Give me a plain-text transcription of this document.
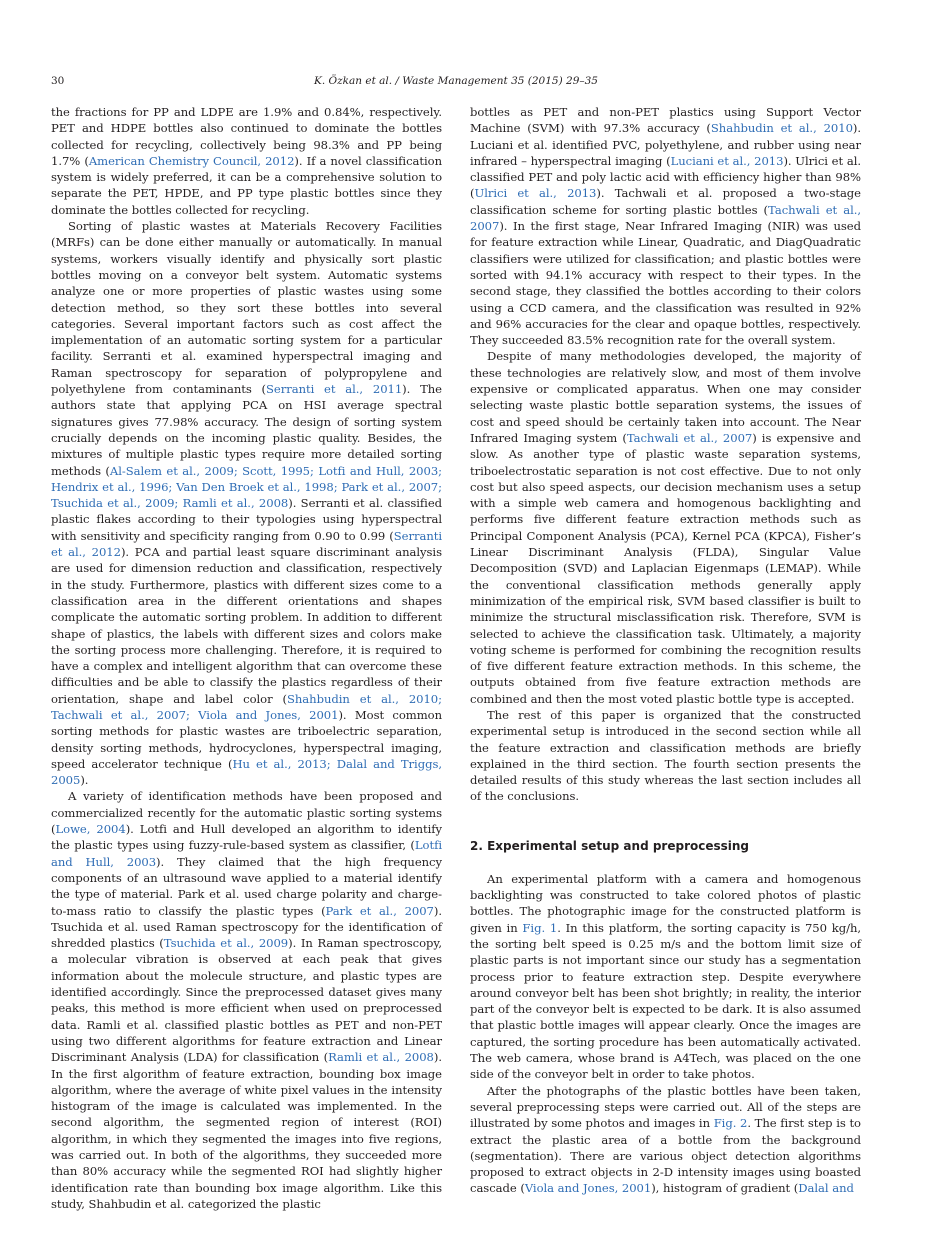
30	K. Özkan et al. / Waste Management 35 (2015) 29–35

the fractions for PP and LDPE are 1.9% and 0.84%, respectively. PET and HDPE bottles also continued to dominate the bottles collected for recycling, collectively being 98.3% and PP being 1.7% (American Chemistry Council, 2012). If a novel classification system is widely preferred, it can be a comprehensive solution to separate the PET, HPDE, and PP type plastic bottles since they dominate the bottles collected for recycling.

Sorting of plastic wastes at Materials Recovery Facilities (MRFs) can be done either manually or automatically. In manual systems, workers visually identify and physically sort plastic bottles moving on a conveyor belt system. Automatic systems analyze one or more properties of plastic wastes using some detection method, so they sort these bottles into several categories. Several important factors such as cost affect the implementation of an automatic sorting system for a particular facility. Serranti et al. examined hyperspectral imaging and Raman spectroscopy for separation of polypropylene and polyethylene from contaminants (Serranti et al., 2011). The authors state that applying PCA on HSI average spectral signatures gives 77.98% accuracy. The design of sorting system crucially depends on the incoming plastic quality. Besides, the mixtures of multiple plastic types require more detailed sorting methods (Al-Salem et al., 2009; Scott, 1995; Lotfi and Hull, 2003; Hendrix et al., 1996; Van Den Broek et al., 1998; Park et al., 2007; Tsuchida et al., 2009; Ramli et al., 2008). Serranti et al. classified plastic flakes according to their typologies using hyperspectral with sensitivity and specificity ranging from 0.90 to 0.99 (Serranti et al., 2012). PCA and partial least square discriminant analysis are used for dimension reduction and classification, respectively in the study. Furthermore, plastics with different sizes come to a classification area in the different orientations and shapes complicate the automatic sorting problem. In addition to different shape of plastics, the labels with different sizes and colors make the sorting process more challenging. Therefore, it is required to have a complex and intelligent algorithm that can overcome these difficulties and be able to classify the plastics regardless of their orientation, shape and label color (Shahbudin et al., 2010; Tachwali et al., 2007; Viola and Jones, 2001). Most common sorting methods for plastic wastes are triboelectric separation, density sorting methods, hydrocyclones, hyperspectral imaging, speed accelerator technique (Hu et al., 2013; Dalal and Triggs, 2005).

A variety of identification methods have been proposed and commercialized recently for the automatic plastic sorting systems (Lowe, 2004). Lotfi and Hull developed an algorithm to identify the plastic types using fuzzy-rule-based system as classifier, (Lotfi and Hull, 2003). They claimed that the high frequency components of an ultrasound wave applied to a material identify the type of material. Park et al. used charge polarity and charge-to-mass ratio to classify the plastic types (Park et al., 2007). Tsuchida et al. used Raman spectroscopy for the identification of shredded plastics (Tsuchida et al., 2009). In Raman spectroscopy, a molecular vibration is observed at each peak that gives information about the molecule structure, and plastic types are identified accordingly. Since the preprocessed dataset gives many peaks, this method is more efficient when used on preprocessed data. Ramli et al. classified plastic bottles as PET and non-PET using two different algorithms for feature extraction and Linear Discriminant Analysis (LDA) for classification (Ramli et al., 2008). In the first algorithm of feature extraction, bounding box image algorithm, where the average of white pixel values in the intensity histogram of the image is calculated was implemented. In the second algorithm, the segmented region of interest (ROI) algorithm, in which they segmented the images into five regions, was carried out. In both of the algorithms, they succeeded more than 80% accuracy while the segmented ROI had slightly higher identification rate than bounding box image algorithm. Like this study, Shahbudin et al. categorized the plastic

bottles as PET and non-PET plastics using Support Vector Machine (SVM) with 97.3% accuracy (Shahbudin et al., 2010). Luciani et al. identified PVC, polyethylene, and rubber using near infrared – hyperspectral imaging (Luciani et al., 2013). Ulrici et al. classified PET and poly lactic acid with efficiency higher than 98% (Ulrici et al., 2013). Tachwali et al. proposed a two-stage classification scheme for sorting plastic bottles (Tachwali et al., 2007). In the first stage, Near Infrared Imaging (NIR) was used for feature extraction while Linear, Quadratic, and DiagQuadratic classifiers were utilized for classification; and plastic bottles were sorted with 94.1% accuracy with respect to their types. In the second stage, they classified the bottles according to their colors using a CCD camera, and the classification was resulted in 92% and 96% accuracies for the clear and opaque bottles, respectively. They succeeded 83.5% recognition rate for the overall system.

Despite of many methodologies developed, the majority of these technologies are relatively slow, and most of them involve expensive or complicated apparatus. When one may consider selecting waste plastic bottle separation systems, the issues of cost and speed should be certainly taken into account. The Near Infrared Imaging system (Tachwali et al., 2007) is expensive and slow. As another type of plastic waste separation systems, triboelectrostatic separation is not cost effective. Due to not only cost but also speed aspects, our decision mechanism uses a setup with a simple web camera and homogenous backlighting and performs five different feature extraction methods such as Principal Component Analysis (PCA), Kernel PCA (KPCA), Fisher’s Linear Discriminant Analysis (FLDA), Singular Value Decomposition (SVD) and Laplacian Eigenmaps (LEMAP). While the conventional classification methods generally apply minimization of the empirical risk, SVM based classifier is built to minimize the structural misclassification risk. Therefore, SVM is selected to achieve the classification task. Ultimately, a majority voting scheme is performed for combining the recognition results of five different feature extraction methods. In this scheme, the outputs obtained from five feature extraction methods are combined and then the most voted plastic bottle type is accepted.

The rest of this paper is organized that the constructed experimental setup is introduced in the second section while all the feature extraction and classification methods are briefly explained in the third section. The fourth section presents the detailed results of this study whereas the last section includes all of the conclusions.

2. Experimental setup and preprocessing

An experimental platform with a camera and homogenous backlighting was constructed to take colored photos of plastic bottles. The photographic image for the constructed platform is given in Fig. 1. In this platform, the sorting capacity is 750 kg/h, the sorting belt speed is 0.25 m/s and the bottom limit size of plastic parts is not important since our study has a segmentation process prior to feature extraction step. Despite everywhere around conveyor belt has been shot brightly; in reality, the interior part of the conveyor belt is expected to be dark. It is also assumed that plastic bottle images will appear clearly. Once the images are captured, the sorting procedure has been automatically activated. The web camera, whose brand is A4Tech, was placed on the one side of the conveyor belt in order to take photos.

After the photographs of the plastic bottles have been taken, several preprocessing steps were carried out. All of the steps are illustrated by some photos and images in Fig. 2. The first step is to extract the plastic area of a bottle from the background (segmentation). There are various object detection algorithms proposed to extract objects in 2-D intensity images using boasted cascade (Viola and Jones, 2001), histogram of gradient (Dalal and
